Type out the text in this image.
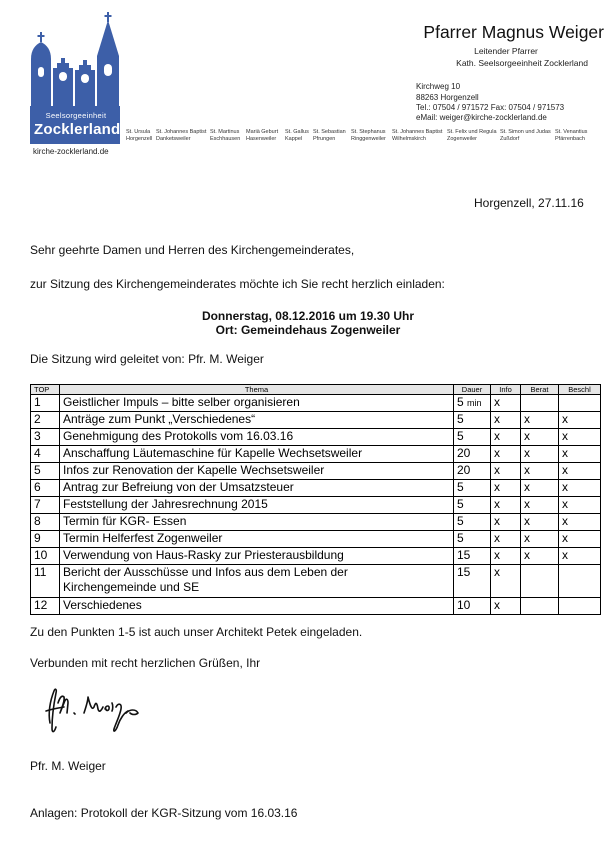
Seelsorgeeinheit
Zocklerland
kirche-zocklerland.de
St. Ursula
Horgenzell
St. Johannes Baptist
Danketsweiler
St. Martinus
Eschhausen
Mariä Geburt
Hasenweiler
St. Gallus
Kappel
St. Sebastian
Pfrungen
St. Stephanus
Ringgenweiler
St. Johannes Baptist
Wilhelmskirch
St. Felix und Regula
Zogenweiler
St. Simon und Judas
Zußdorf
St. Venantius
Pfärrenbach
Pfarrer Magnus Weiger
Leitender Pfarrer
Kath. Seelsorgeeinheit Zocklerland
Kirchweg 10
88263 Horgenzell
Tel.: 07504 / 971572 Fax: 07504 / 971573
eMail: weiger@kirche-zocklerland.de
Horgenzell, 27.11.16
Sehr geehrte Damen und Herren des Kirchengemeinderates,
zur Sitzung des Kirchengemeinderates möchte ich Sie recht herzlich einladen:
Donnerstag, 08.12.2016 um 19.30 Uhr
Ort: Gemeindehaus Zogenweiler
Die Sitzung wird geleitet von: Pfr. M. Weiger
TOP	Thema	Dauer	Info	Berat	Beschl
1	Geistlicher Impuls – bitte selber organisieren	5 min	x		
2	Anträge zum Punkt „Verschiedenes“	5	x	x	x
3	Genehmigung des Protokolls vom 16.03.16	5	x	x	x
4	Anschaffung Läutemaschine für Kapelle Wechsetsweiler	20	x	x	x
5	Infos zur Renovation der Kapelle Wechsetsweiler	20	x	x	x
6	Antrag zur Befreiung von der Umsatzsteuer	5	x	x	x
7	Feststellung der Jahresrechnung 2015	5	x	x	x
8	Termin für KGR- Essen	5	x	x	x
9	Termin Helferfest Zogenweiler	5	x	x	x
10	Verwendung von Haus-Rasky zur Priesterausbildung	15	x	x	x
11	Bericht der Ausschüsse und Infos aus dem Leben der
Kirchengemeinde und SE	15	x		
12	Verschiedenes	10	x		
Zu den Punkten 1-5 ist auch unser Architekt Petek eingeladen.
Verbunden mit recht herzlichen Grüßen, Ihr
Pfr. M. Weiger
Anlagen: Protokoll der KGR-Sitzung vom 16.03.16
